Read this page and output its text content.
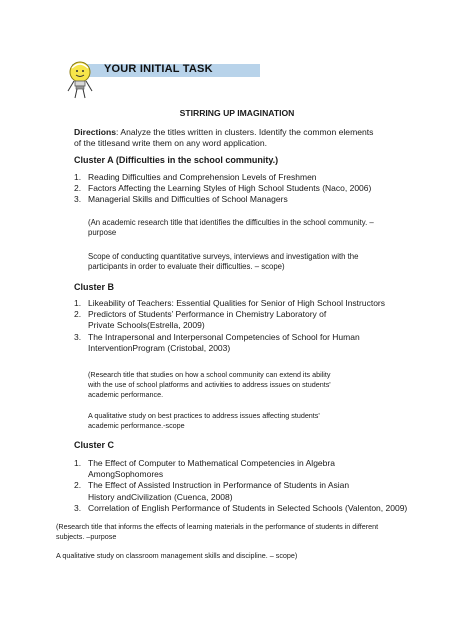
YOUR INITIAL TASK
STIRRING UP IMAGINATION
Directions: Analyze the titles written in clusters. Identify the common elements
of the titlesand write them on any word application.
Cluster A (Difficulties in the school community.)
1. Reading Difficulties and Comprehension Levels of Freshmen
2. Factors Affecting the Learning Styles of High School Students (Naco, 2006)
3. Managerial Skills and Difficulties of School Managers
(An academic research title that identifies the difficulties in the school community. –
purpose
Scope of conducting quantitative surveys, interviews and investigation with the
participants in order to evaluate their difficulties. – scope)
Cluster B
1. Likeability of Teachers: Essential Qualities for Senior of High School Instructors
2. Predictors of Students’ Performance in Chemistry Laboratory of
Private Schools(Estrella, 2009)
3. The Intrapersonal and Interpersonal Competencies of School for Human
InterventionProgram (Cristobal, 2003)
(Research title that studies on how a school community can extend its ability
with the use of school platforms and activities to address issues on students'
academic performance.
A qualitative study on best practices to address issues affecting students'
academic performance.-scope
Cluster C
1. The Effect of Computer to Mathematical Competencies in Algebra
AmongSophomores
2. The Effect of Assisted Instruction in Performance of Students in Asian
History andCivilization (Cuenca, 2008)
3. Correlation of English Performance of Students in Selected Schools (Valenton, 2009)
(Research title that informs the effects of learning materials in the performance of students in different
subjects. –purpose
A qualitative study on classroom management skills and discipline. – scope)
